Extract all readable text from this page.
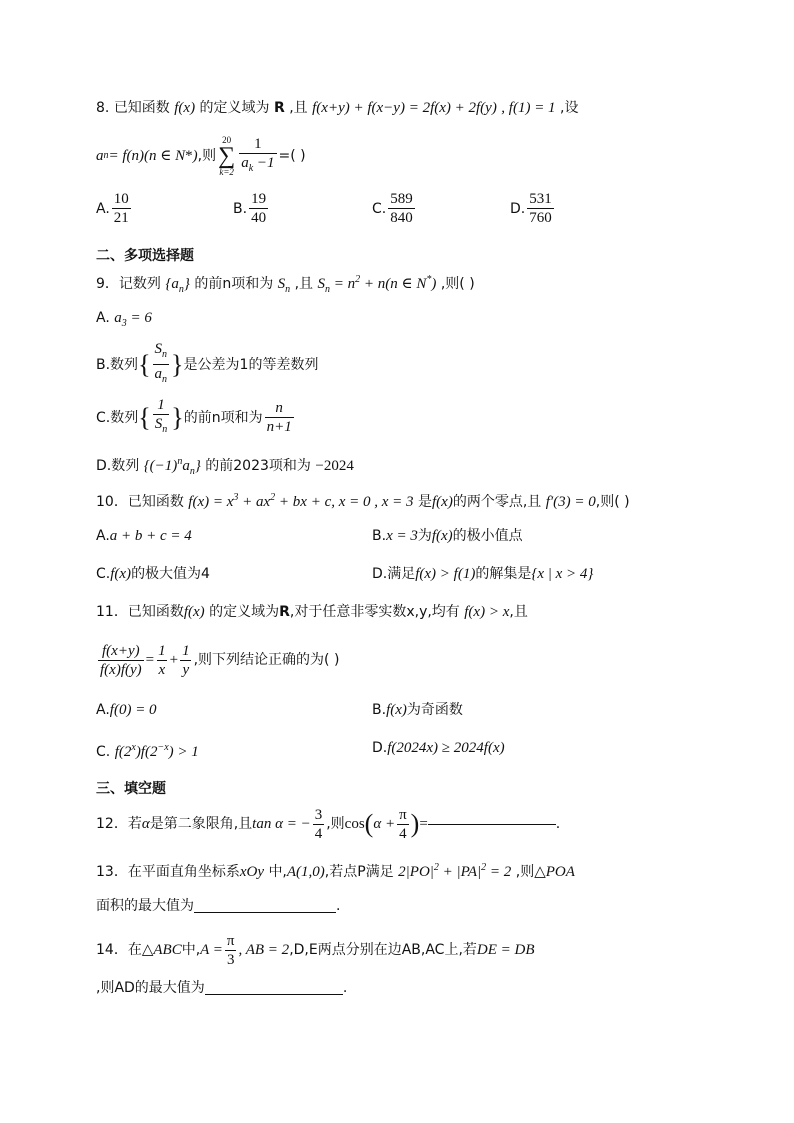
8. 已知函数 f(x) 的定义域为 R ,且 f(x+y) + f(x−y) = 2f(x) + 2f(y) , f(1) = 1 ,设
a n = f(n)(n ∈ N * ) ,则
20
∑
$k=2 \frac{1}{a_k -1}$ =( )
A.
10
21
B.
19
40
C.
589
840
D.
531
760
二、多项选择题
9．记数列 $\{a_n\}$ 的前n项和为 $S_n$ ,且 $S_n = n^2 + n(n$ ∈ N*) ,则( )
A. $a_3 = 6$
B.数列 {
$S_n$
$a_n$
} 是公差为1的等差数列
C.数列 { 1
$S_n$ } 的前n项和为
n
n+1
D.数列 $\{(-1)^na_n\}$ 的前2023项和为 −2024
10．已知函数 $f(x) = x^3 + ax^2$ + bx + c, x = 0 , x = 3 是f(x)的两个零点,且 f′(3) = 0,则( )
A.a + b + c = 4	B.x = 3为f(x)的极小值点
C.f(x)的极大值为4	D.满足f(x) > f(1)的解集是{x | x > 4}
11．已知函数f(x) 的定义域为R,对于任意非零实数x,y,均有 f(x) > x,且
$\frac{f(x+y)}{f(x)f(y)} = \frac{1}{x} + \frac{1}{y}$ ,则下列结论正确的为( )
A.f(0) = 0	B.f(x)为奇函数
C. $f(2^x)f(2^{-x}) > 1$	D.f(2024x) ≥ 2024f(x)
三、填空题
12． 若 α 是第二象限角,且 tan α = − $\frac{3}{4}$ ,则 cos ( $\alpha + \frac{\pi}{4}$ ) =	.
13．在平面直角坐标系xOy 中,A(1,0),若点P满足 $2|PO|^2 + |PA|^2 = 2$ ,则△POA
面积的最大值为	.
14． 在 △ABC 中, $A = \frac{\pi}{3}$ , AB = 2 ,D,E两点分别在边AB,AC上,若 DE = DB
,则AD的最大值为	.
